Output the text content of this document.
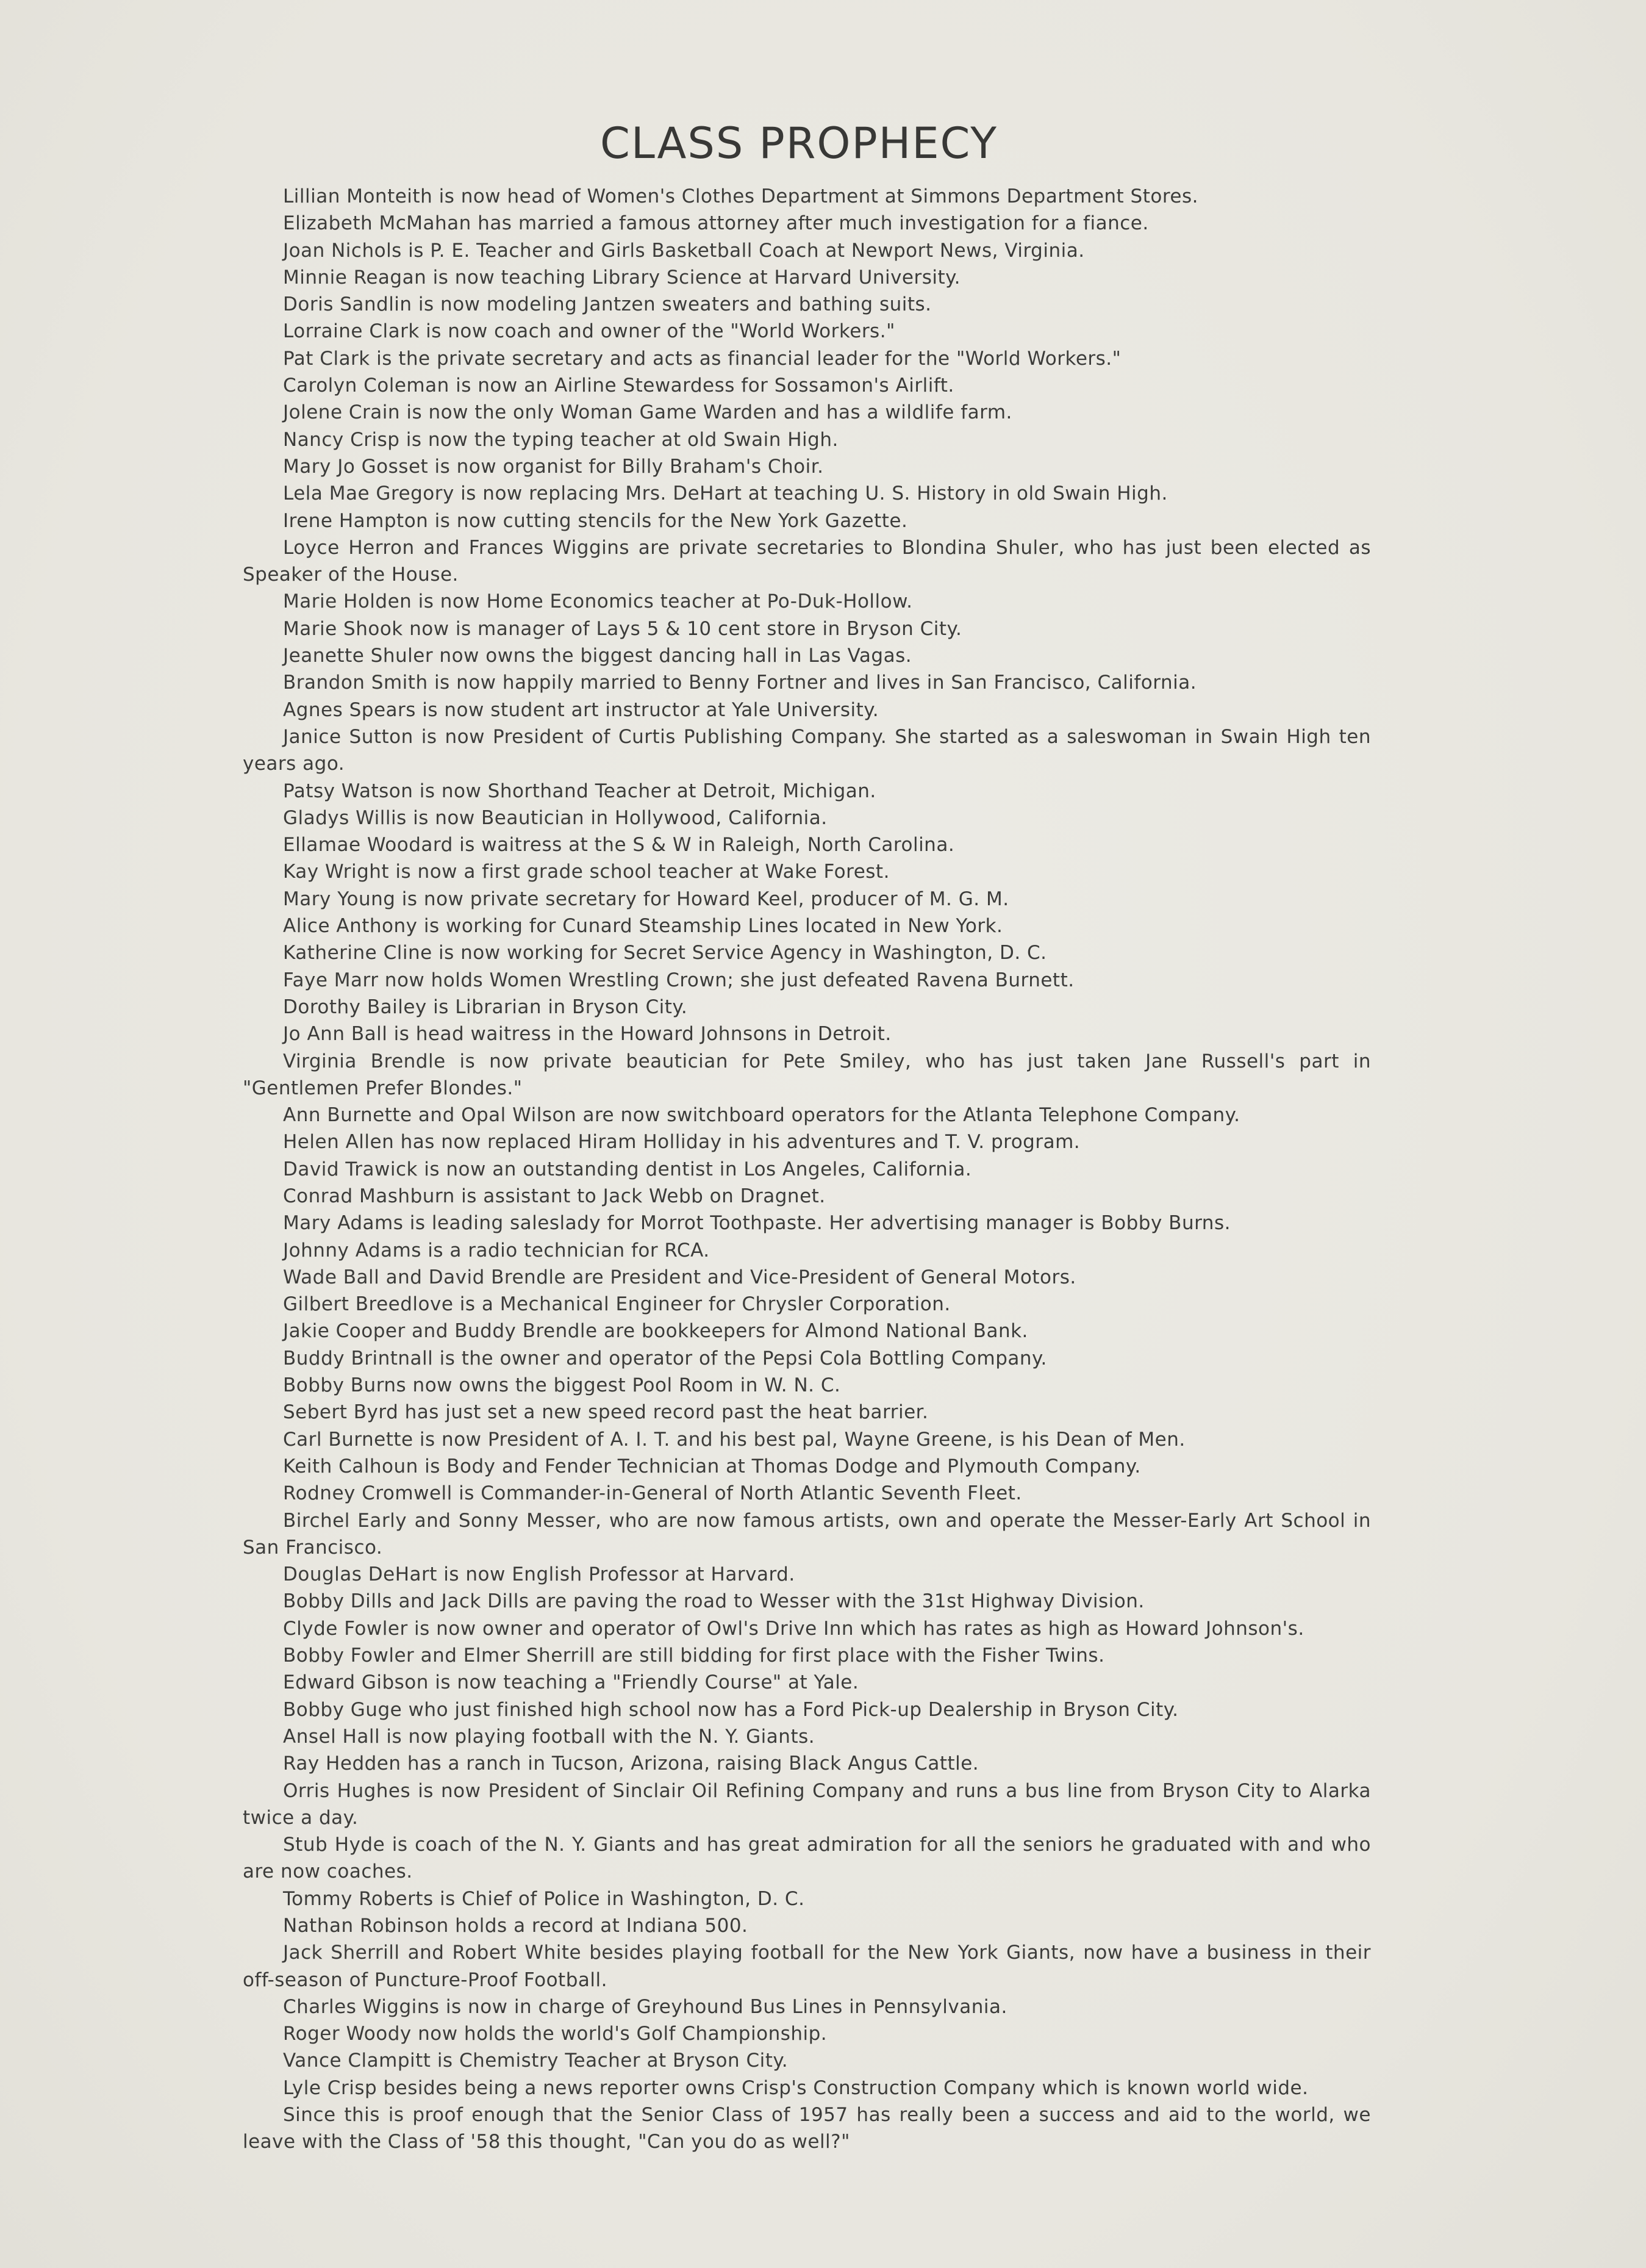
CLASS PROPHECY

Lillian Monteith is now head of Women's Clothes Department at Simmons Department Stores.

Elizabeth McMahan has married a famous attorney after much investigation for a fiance.

Joan Nichols is P. E. Teacher and Girls Basketball Coach at Newport News, Virginia.

Minnie Reagan is now teaching Library Science at Harvard University.

Doris Sandlin is now modeling Jantzen sweaters and bathing suits.

Lorraine Clark is now coach and owner of the "World Workers."

Pat Clark is the private secretary and acts as financial leader for the "World Workers."

Carolyn Coleman is now an Airline Stewardess for Sossamon's Airlift.

Jolene Crain is now the only Woman Game Warden and has a wildlife farm.

Nancy Crisp is now the typing teacher at old Swain High.

Mary Jo Gosset is now organist for Billy Braham's Choir.

Lela Mae Gregory is now replacing Mrs. DeHart at teaching U. S. History in old Swain High.

Irene Hampton is now cutting stencils for the New York Gazette.

Loyce Herron and Frances Wiggins are private secretaries to Blondina Shuler, who has just been elected as Speaker of the House.

Marie Holden is now Home Economics teacher at Po-Duk-Hollow.

Marie Shook now is manager of Lays 5 & 10 cent store in Bryson City.

Jeanette Shuler now owns the biggest dancing hall in Las Vagas.

Brandon Smith is now happily married to Benny Fortner and lives in San Francisco, California.

Agnes Spears is now student art instructor at Yale University.

Janice Sutton is now President of Curtis Publishing Company. She started as a saleswoman in Swain High ten years ago.

Patsy Watson is now Shorthand Teacher at Detroit, Michigan.

Gladys Willis is now Beautician in Hollywood, California.

Ellamae Woodard is waitress at the S & W in Raleigh, North Carolina.

Kay Wright is now a first grade school teacher at Wake Forest.

Mary Young is now private secretary for Howard Keel, producer of M. G. M.

Alice Anthony is working for Cunard Steamship Lines located in New York.

Katherine Cline is now working for Secret Service Agency in Washington, D. C.

Faye Marr now holds Women Wrestling Crown; she just defeated Ravena Burnett.

Dorothy Bailey is Librarian in Bryson City.

Jo Ann Ball is head waitress in the Howard Johnsons in Detroit.

Virginia Brendle is now private beautician for Pete Smiley, who has just taken Jane Russell's part in "Gentlemen Prefer Blondes."

Ann Burnette and Opal Wilson are now switchboard operators for the Atlanta Telephone Company.

Helen Allen has now replaced Hiram Holliday in his adventures and T. V. program.

David Trawick is now an outstanding dentist in Los Angeles, California.

Conrad Mashburn is assistant to Jack Webb on Dragnet.

Mary Adams is leading saleslady for Morrot Toothpaste. Her advertising manager is Bobby Burns.

Johnny Adams is a radio technician for RCA.

Wade Ball and David Brendle are President and Vice-President of General Motors.

Gilbert Breedlove is a Mechanical Engineer for Chrysler Corporation.

Jakie Cooper and Buddy Brendle are bookkeepers for Almond National Bank.

Buddy Brintnall is the owner and operator of the Pepsi Cola Bottling Company.

Bobby Burns now owns the biggest Pool Room in W. N. C.

Sebert Byrd has just set a new speed record past the heat barrier.

Carl Burnette is now President of A. I. T. and his best pal, Wayne Greene, is his Dean of Men.

Keith Calhoun is Body and Fender Technician at Thomas Dodge and Plymouth Company.

Rodney Cromwell is Commander-in-General of North Atlantic Seventh Fleet.

Birchel Early and Sonny Messer, who are now famous artists, own and operate the Messer-Early Art School in San Francisco.

Douglas DeHart is now English Professor at Harvard.

Bobby Dills and Jack Dills are paving the road to Wesser with the 31st Highway Division.

Clyde Fowler is now owner and operator of Owl's Drive Inn which has rates as high as Howard Johnson's.

Bobby Fowler and Elmer Sherrill are still bidding for first place with the Fisher Twins.

Edward Gibson is now teaching a "Friendly Course" at Yale.

Bobby Guge who just finished high school now has a Ford Pick-up Dealership in Bryson City.

Ansel Hall is now playing football with the N. Y. Giants.

Ray Hedden has a ranch in Tucson, Arizona, raising Black Angus Cattle.

Orris Hughes is now President of Sinclair Oil Refining Company and runs a bus line from Bryson City to Alarka twice a day.

Stub Hyde is coach of the N. Y. Giants and has great admiration for all the seniors he graduated with and who are now coaches.

Tommy Roberts is Chief of Police in Washington, D. C.

Nathan Robinson holds a record at Indiana 500.

Jack Sherrill and Robert White besides playing football for the New York Giants, now have a business in their off-season of Puncture-Proof Football.

Charles Wiggins is now in charge of Greyhound Bus Lines in Pennsylvania.

Roger Woody now holds the world's Golf Championship.

Vance Clampitt is Chemistry Teacher at Bryson City.

Lyle Crisp besides being a news reporter owns Crisp's Construction Company which is known world wide.

Since this is proof enough that the Senior Class of 1957 has really been a success and aid to the world, we leave with the Class of '58 this thought, "Can you do as well?"
